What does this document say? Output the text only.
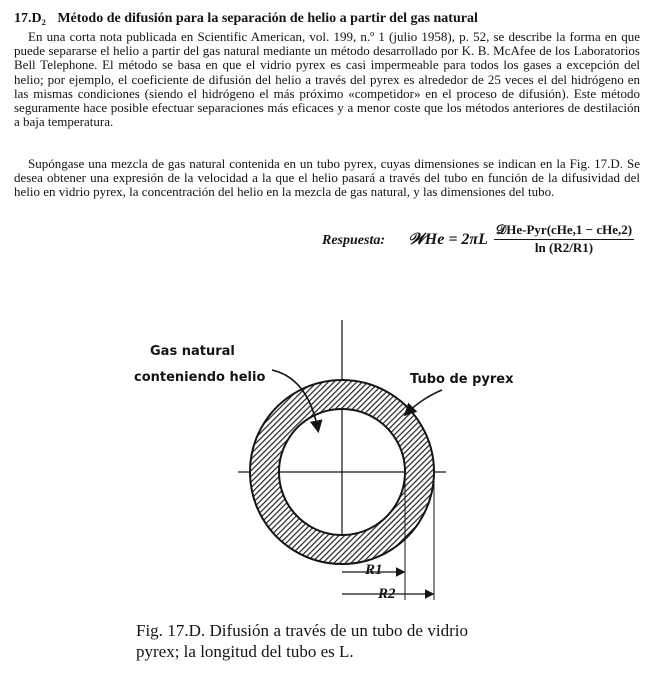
17.D₂ Método de difusión para la separación de helio a partir del gas natural
En una corta nota publicada en Scientific American, vol. 199, n.º 1 (julio 1958), p. 52, se describe la forma en que puede separarse el helio a partir del gas natural mediante un método desarrollado por K. B. McAfee de los Laboratorios Bell Telephone. El método se basa en que el vidrio pyrex es casi impermeable para todos los gases a excepción del helio; por ejemplo, el coeficiente de difusión del helio a través del pyrex es alrededor de 25 veces el del hidrógeno en las mismas condiciones (siendo el hidrógeno el más próximo «competidor» en el proceso de difusión). Este método seguramente hace posible efectuar separaciones más eficaces y a menor coste que los métodos anteriores de destilación a baja temperatura.
Supóngase una mezcla de gas natural contenida en un tubo pyrex, cuyas dimensiones se indican en la Fig. 17.D. Se desea obtener una expresión de la velocidad a la que el helio pasará a través del tubo en función de la difusividad del helio en vidrio pyrex, la concentración del helio en la mezcla de gas natural, y las dimensiones del tubo.
Respuesta: 𝒲He = 2πL
𝒟He-Pyr(cHe,1 − cHe,2)
ln (R2/R1)
Gas natural
conteniendo helio	Tubo de pyrex
R1
R2
Fig. 17.D. Difusión a través de un tubo de vidrio pyrex; la longitud del tubo es L.
